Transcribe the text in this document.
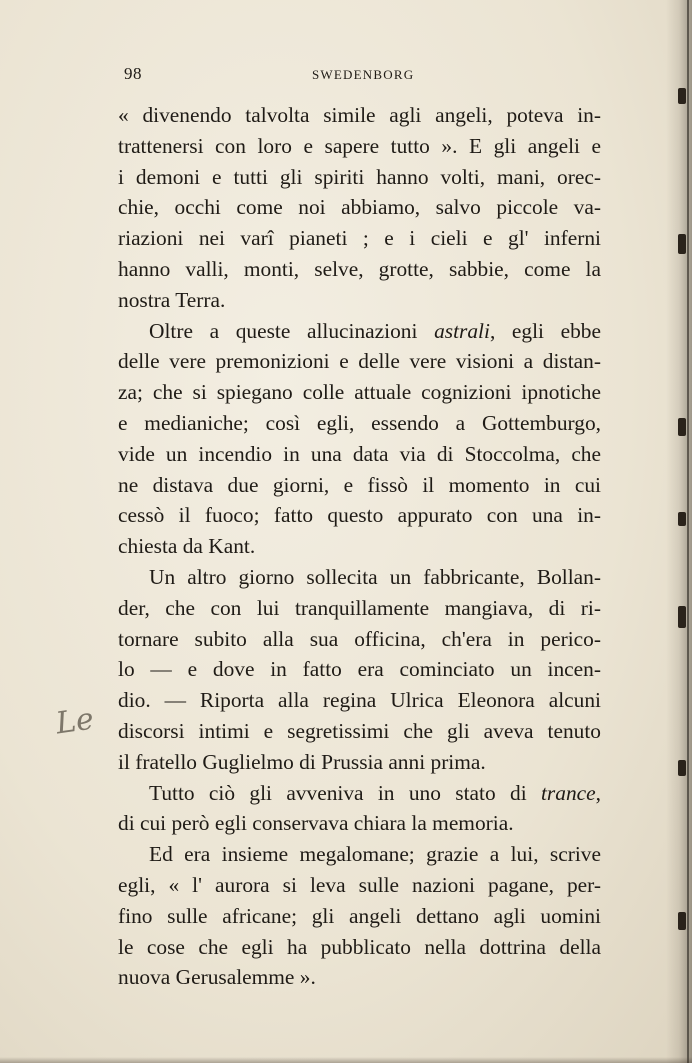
98	SWEDENBORG
Le
« divenendo talvolta simile agli angeli, poteva in-
trattenersi con loro e sapere tutto ». E gli angeli e
i demoni e tutti gli spiriti hanno volti, mani, orec-
chie, occhi come noi abbiamo, salvo piccole va-
riazioni nei varî pianeti ; e i cieli e gl' inferni
hanno valli, monti, selve, grotte, sabbie, come la
nostra Terra.
Oltre a queste allucinazioni astrali, egli ebbe
delle vere premonizioni e delle vere visioni a distan-
za; che si spiegano colle attuale cognizioni ipnotiche
e medianiche; così egli, essendo a Gottemburgo,
vide un incendio in una data via di Stoccolma, che
ne distava due giorni, e fissò il momento in cui
cessò il fuoco; fatto questo appurato con una in-
chiesta da Kant.
Un altro giorno sollecita un fabbricante, Bollan-
der, che con lui tranquillamente mangiava, di ri-
tornare subito alla sua officina, ch'era in perico-
lo — e dove in fatto era cominciato un incen-
dio. — Riporta alla regina Ulrica Eleonora alcuni
discorsi intimi e segretissimi che gli aveva tenuto
il fratello Guglielmo di Prussia anni prima.
Tutto ciò gli avveniva in uno stato di trance,
di cui però egli conservava chiara la memoria.
Ed era insieme megalomane; grazie a lui, scrive
egli, « l' aurora si leva sulle nazioni pagane, per-
fino sulle africane; gli angeli dettano agli uomini
le cose che egli ha pubblicato nella dottrina della
nuova Gerusalemme ».
